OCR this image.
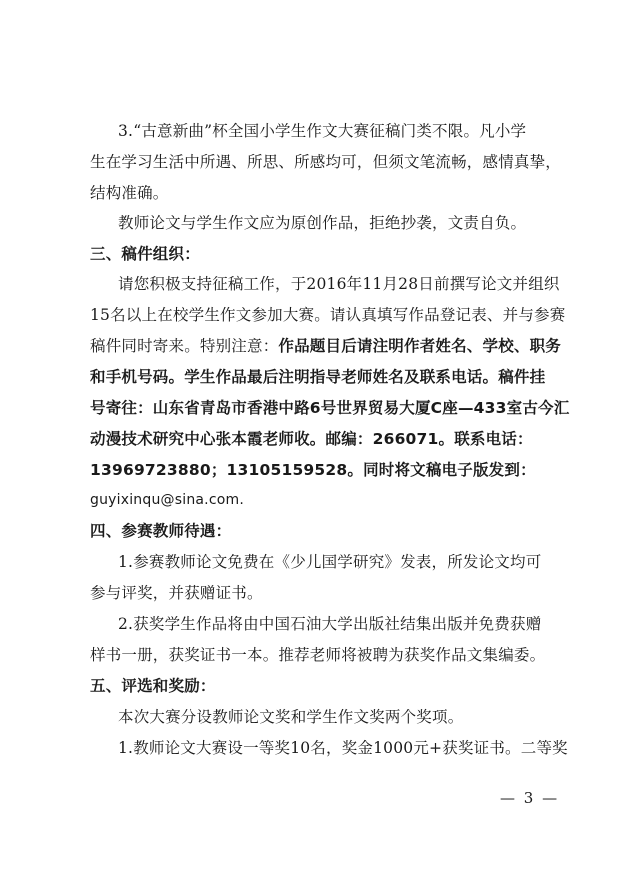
3.“古意新曲”杯全国小学生作文大赛征稿门类不限。凡小学
生在学习生活中所遇、所思、所感均可，但须文笔流畅，感情真挚，
结构准确。
教师论文与学生作文应为原创作品，拒绝抄袭，文责自负。
三、稿件组织：
请您积极支持征稿工作，于2016年11月28日前撰写论文并组织
15名以上在校学生作文参加大赛。请认真填写作品登记表、并与参赛
稿件同时寄来。特别注意：作品题目后请注明作者姓名、学校、职务
和手机号码。学生作品最后注明指导老师姓名及联系电话。稿件挂
号寄往：山东省青岛市香港中路6号世界贸易大厦C座—433室古今汇
动漫技术研究中心张本霞老师收。邮编：266071。联系电话：
13969723880；13105159528。同时将文稿电子版发到：
guyixinqu@sina.com.
四、参赛教师待遇：
1.参赛教师论文免费在《少儿国学研究》发表，所发论文均可
参与评奖，并获赠证书。
2.获奖学生作品将由中国石油大学出版社结集出版并免费获赠
样书一册，获奖证书一本。推荐老师将被聘为获奖作品文集编委。
五、评选和奖励：
本次大赛分设教师论文奖和学生作文奖两个奖项。
1.教师论文大赛设一等奖10名，奖金1000元+获奖证书。二等奖
— 3 —
